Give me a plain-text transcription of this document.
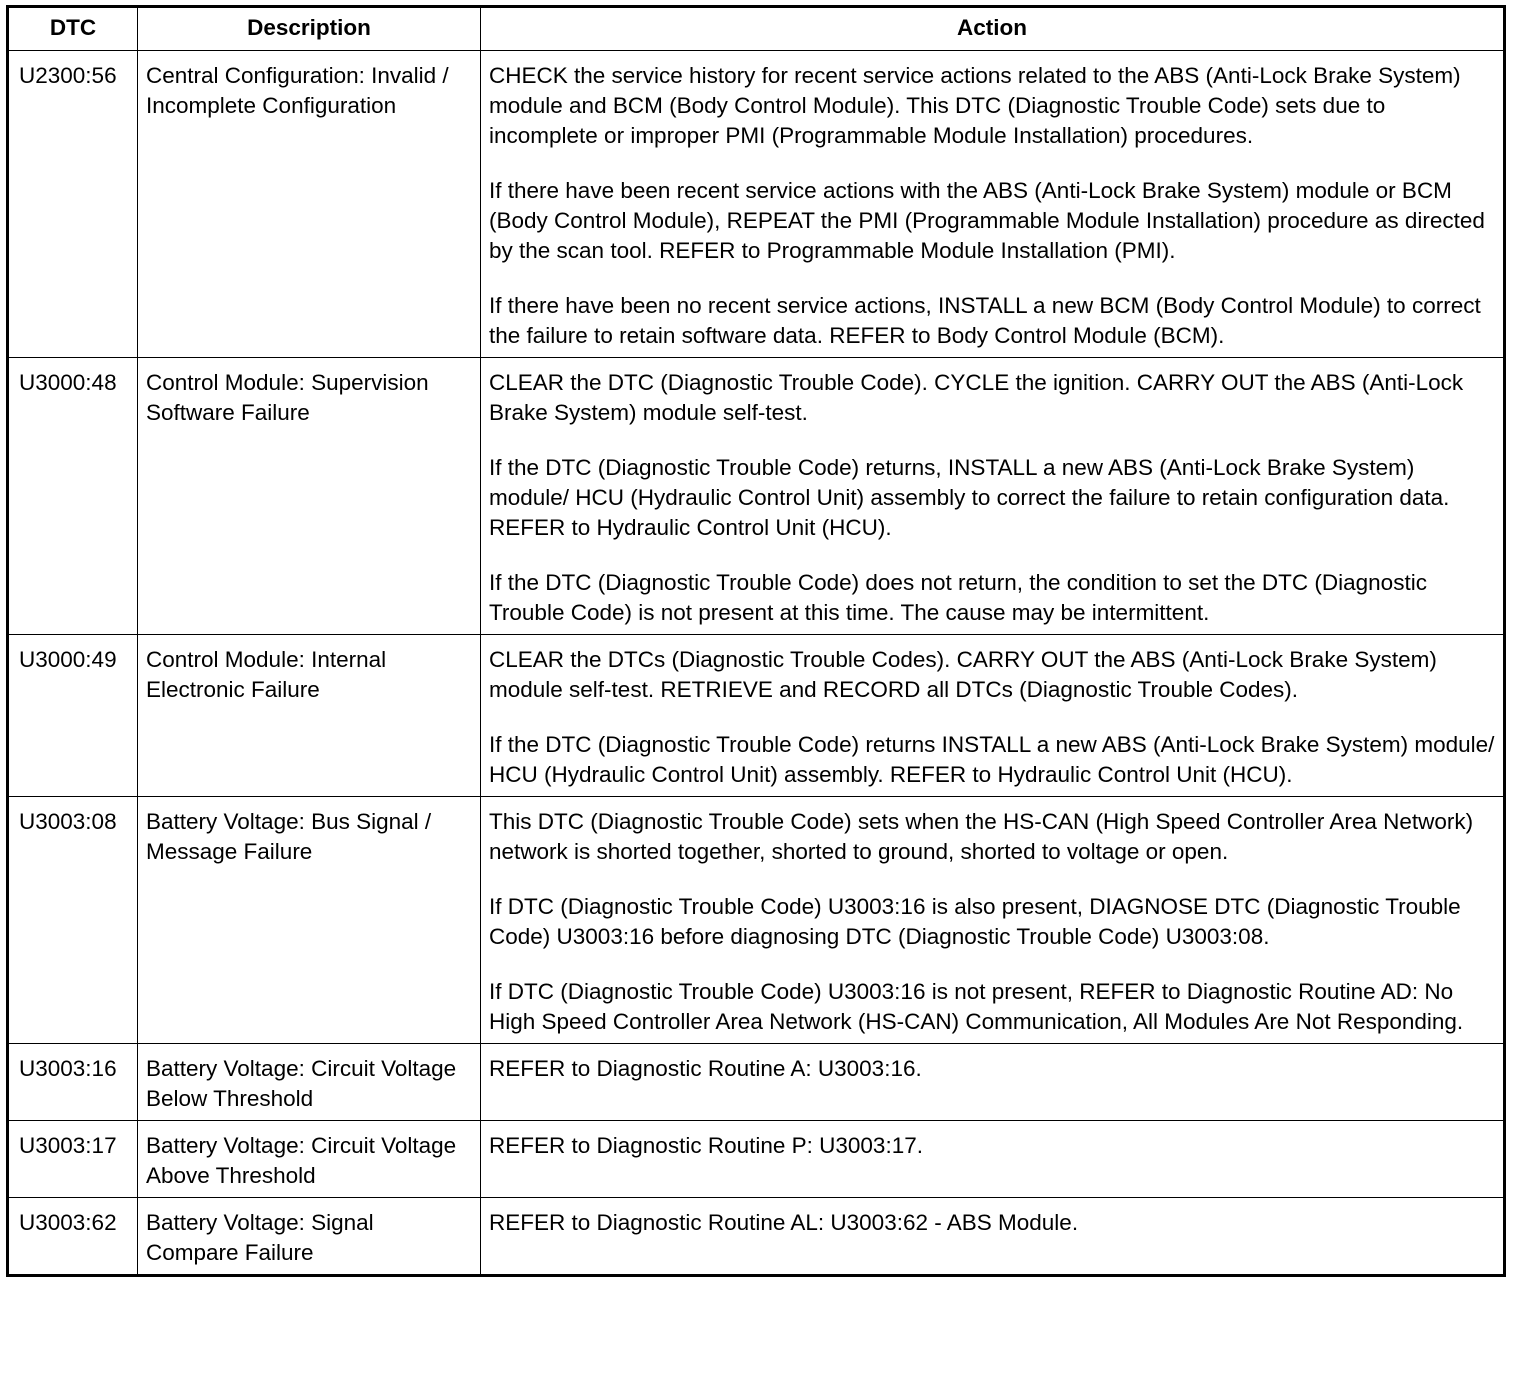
DTC	Description	Action
U2300:56	Central Configuration: Invalid / Incomplete Configuration	CHECK the service history for recent service actions related to the ABS (Anti-Lock Brake System) module and BCM (Body Control Module). This DTC (Diagnostic Trouble Code) sets due to incomplete or improper PMI (Programmable Module Installation) procedures.

If there have been recent service actions with the ABS (Anti-Lock Brake System) module or BCM (Body Control Module), REPEAT the PMI (Programmable Module Installation) procedure as directed by the scan tool. REFER to Programmable Module Installation (PMI).

If there have been no recent service actions, INSTALL a new BCM (Body Control Module) to correct the failure to retain software data. REFER to Body Control Module (BCM).

U3000:48	Control Module: Supervision Software Failure	CLEAR the DTC (Diagnostic Trouble Code). CYCLE the ignition. CARRY OUT the ABS (Anti-Lock Brake System) module self-test.

If the DTC (Diagnostic Trouble Code) returns, INSTALL a new ABS (Anti-Lock Brake System) module/ HCU (Hydraulic Control Unit) assembly to correct the failure to retain configuration data. REFER to Hydraulic Control Unit (HCU).

If the DTC (Diagnostic Trouble Code) does not return, the condition to set the DTC (Diagnostic Trouble Code) is not present at this time. The cause may be intermittent.

U3000:49	Control Module: Internal Electronic Failure	CLEAR the DTCs (Diagnostic Trouble Codes). CARRY OUT the ABS (Anti-Lock Brake System) module self-test. RETRIEVE and RECORD all DTCs (Diagnostic Trouble Codes).

If the DTC (Diagnostic Trouble Code) returns INSTALL a new ABS (Anti-Lock Brake System) module/ HCU (Hydraulic Control Unit) assembly. REFER to Hydraulic Control Unit (HCU).

U3003:08	Battery Voltage: Bus Signal / Message Failure	This DTC (Diagnostic Trouble Code) sets when the HS-CAN (High Speed Controller Area Network) network is shorted together, shorted to ground, shorted to voltage or open.

If DTC (Diagnostic Trouble Code) U3003:16 is also present, DIAGNOSE DTC (Diagnostic Trouble Code) U3003:16 before diagnosing DTC (Diagnostic Trouble Code) U3003:08.

If DTC (Diagnostic Trouble Code) U3003:16 is not present, REFER to Diagnostic Routine AD: No High Speed Controller Area Network (HS-CAN) Communication, All Modules Are Not Responding.

U3003:16	Battery Voltage: Circuit Voltage Below Threshold	REFER to Diagnostic Routine A: U3003:16.

U3003:17	Battery Voltage: Circuit Voltage Above Threshold	REFER to Diagnostic Routine P: U3003:17.

U3003:62	Battery Voltage: Signal Compare Failure	REFER to Diagnostic Routine AL: U3003:62 - ABS Module.
